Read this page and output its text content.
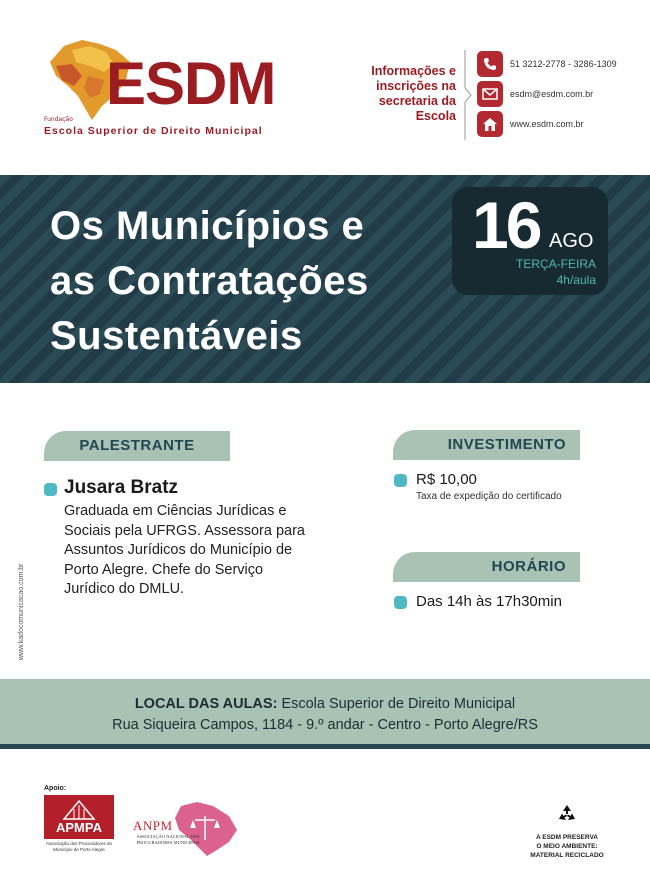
ESDM
Fundação
Escola Superior de Direito Municipal
Informações e inscrições na secretaria da Escola
51 3212-2778 - 3286-1309
esdm@esdm.com.br
www.esdm.com.br
Os Municípios e
as Contratações
Sustentáveis
16 AGO
TERÇA-FEIRA
4h/aula
PALESTRANTE
Jusara Bratz
Graduada em Ciências Jurídicas e
Sociais pela UFRGS. Assessora para
Assuntos Jurídicos do Município de
Porto Alegre. Chefe do Serviço
Jurídico do DMLU.
INVESTIMENTO
R$ 10,00
Taxa de expedição do certificado
HORÁRIO
Das 14h às 17h30min
www.kadocomunicacao.com.br
LOCAL DAS AULAS: Escola Superior de Direito Municipal
Rua Siqueira Campos, 1184 - 9.º andar - Centro - Porto Alegre/RS
Apoio:
APMPA
Associação dos Procuradores do Município de Porto Alegre
ANPM
ASSOCIAÇÃO NACIONAL DOS PROCURADORES MUNICIPAIS
A ESDM PRESERVA
O MEIO AMBIENTE:
MATERIAL RECICLADO
